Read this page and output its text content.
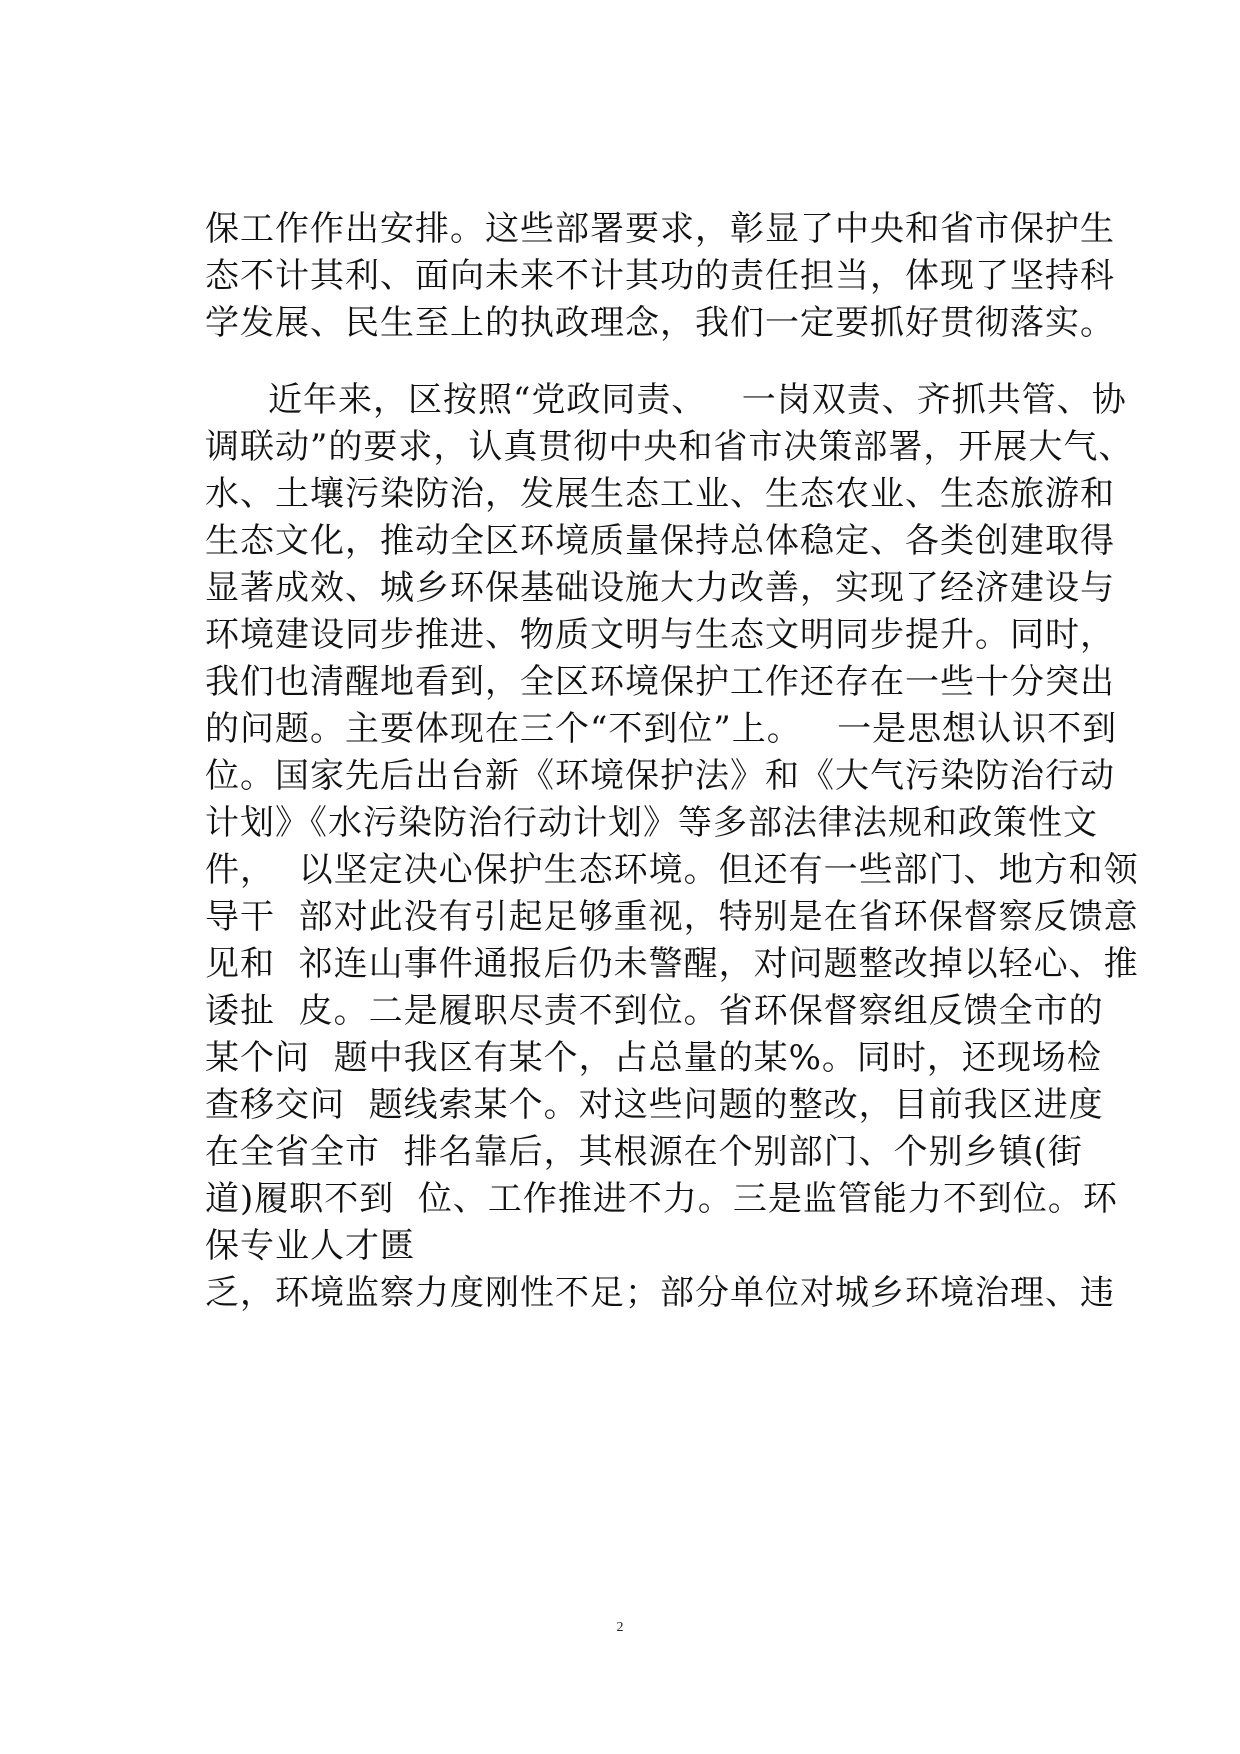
保工作作出安排。这些部署要求，彰显了中央和省市保护生
态不计其利、面向未来不计其功的责任担当，体现了坚持科
学发展、民生至上的执政理念，我们一定要抓好贯彻落实。
近年来，区按照“党政同责、   一岗双责、齐抓共管、协
调联动”的要求，认真贯彻中央和省市决策部署，开展大气、
水、土壤污染防治，发展生态工业、生态农业、生态旅游和
生态文化，推动全区环境质量保持总体稳定、各类创建取得
显著成效、城乡环保基础设施大力改善，实现了经济建设与
环境建设同步推进、物质文明与生态文明同步提升。同时，
我们也清醒地看到，全区环境保护工作还存在一些十分突出
的问题。主要体现在三个“不到位”上。   一是思想认识不到
位。国家先后出台新《环境保护法》和《大气污染防治行动
计划》《水污染防治行动计划》等多部法律法规和政策性文
件，  以坚定决心保护生态环境。但还有一些部门、地方和领
导干  部对此没有引起足够重视，特别是在省环保督察反馈意
见和  祁连山事件通报后仍未警醒，对问题整改掉以轻心、推
诿扯  皮。二是履职尽责不到位。省环保督察组反馈全市的
某个问  题中我区有某个，占总量的某%。同时，还现场检
查移交问  题线索某个。对这些问题的整改，目前我区进度
在全省全市  排名靠后，其根源在个别部门、个别乡镇(街
道)履职不到  位、工作推进不力。三是监管能力不到位。环
保专业人才匮
乏，环境监察力度刚性不足；部分单位对城乡环境治理、违
2
